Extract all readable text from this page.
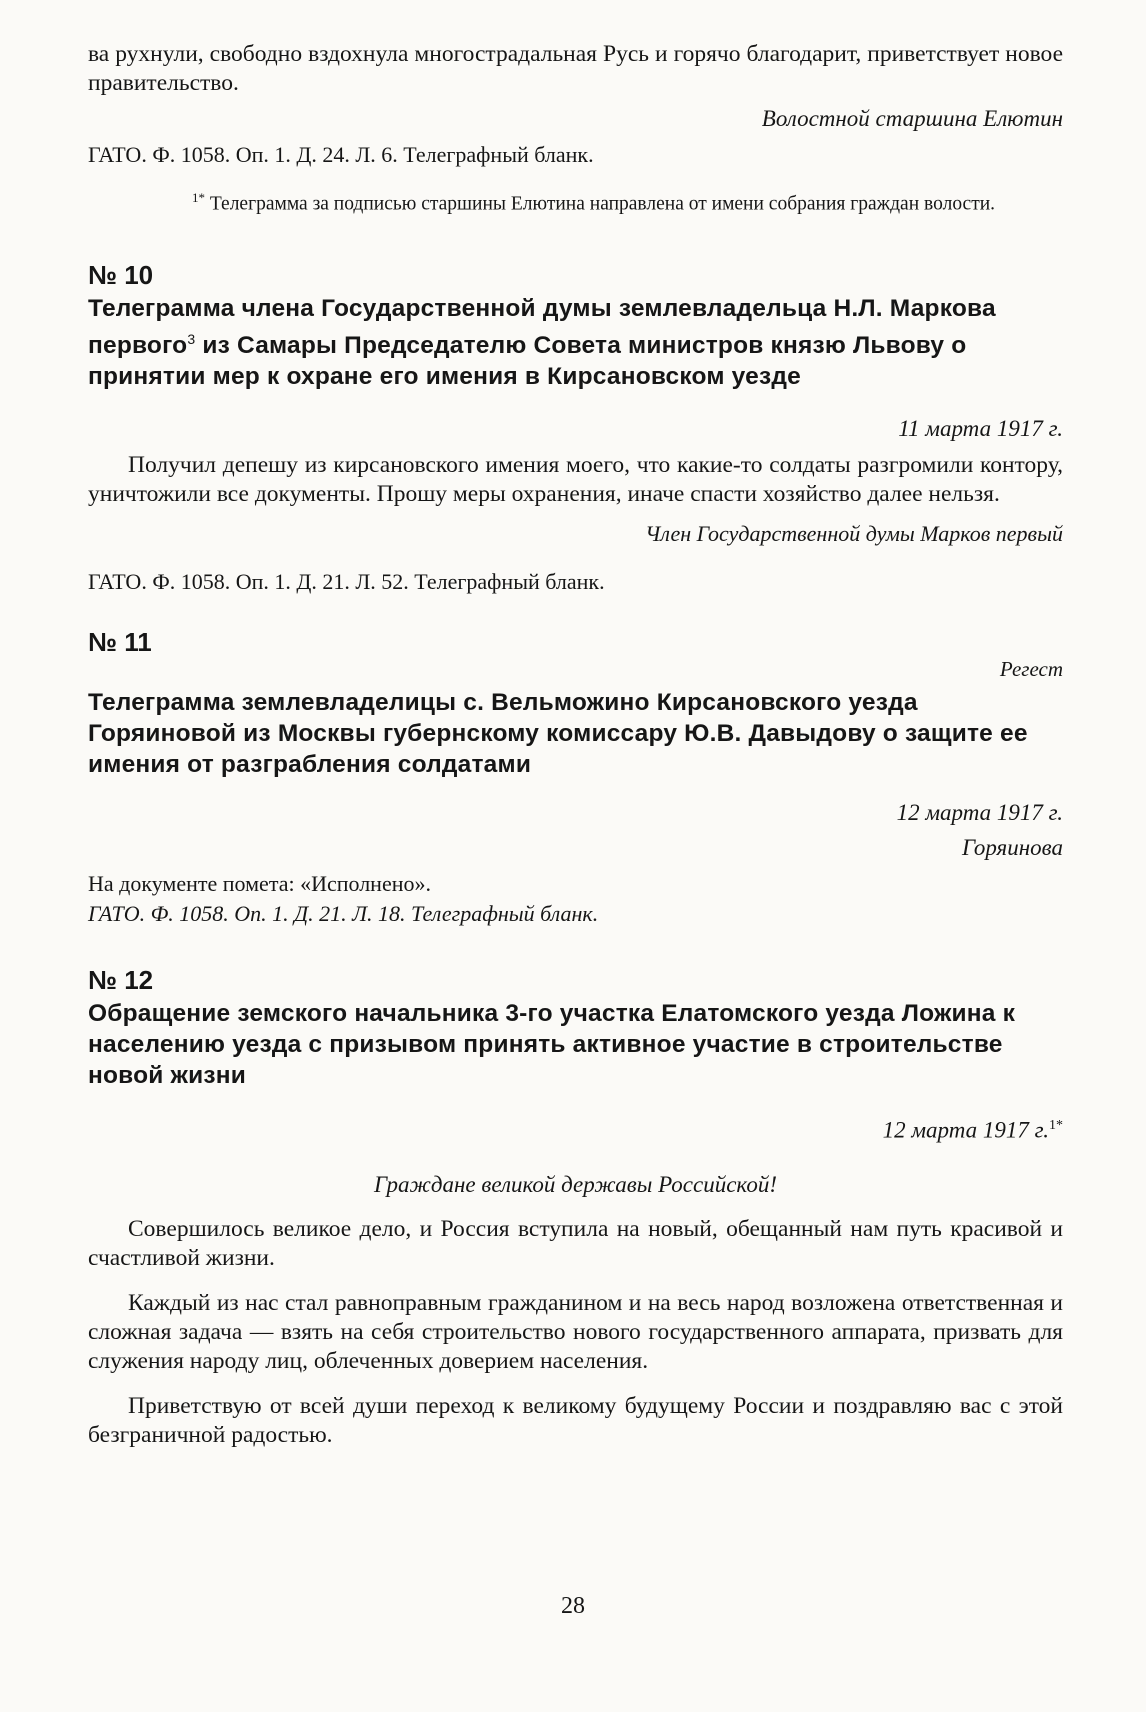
ва рухнули, свободно вздохнула многострадальная Русь и горячо благодарит, приветствует новое правительство.

Волостной старшина Елютин

ГАТО. Ф. 1058. Оп. 1. Д. 24. Л. 6. Телеграфный бланк.

$^{1*}$ Телеграмма за подписью старшины Елютина направлена от имени собрания граждан волости.

№ 10

Телеграмма члена Государственной думы землевладельца Н.Л. Маркова первого$^3$ из Самары Председателю Совета министров князю Львову о принятии мер к охране его имения в Кирсановском уезде

11 марта 1917 г.

Получил депешу из кирсановского имения моего, что какие-то солдаты разгромили контору, уничтожили все документы. Прошу меры охранения, иначе спасти хозяйство далее нельзя.

Член Государственной думы Марков первый

ГАТО. Ф. 1058. Оп. 1. Д. 21. Л. 52. Телеграфный бланк.

№ 11

Регест

Телеграмма землевладелицы с. Вельможино Кирсановского уезда Горяиновой из Москвы губернскому комиссару Ю.В. Давыдову о защите ее имения от разграбления солдатами

12 марта 1917 г.

Горяинова

На документе помета: «Исполнено».

ГАТО. Ф. 1058. Оп. 1. Д. 21. Л. 18. Телеграфный бланк.

№ 12

Обращение земского начальника 3-го участка Елатомского уезда Ложина к населению уезда с призывом принять активное участие в строительстве новой жизни

12 марта 1917 г.$^{1*}$

Граждане великой державы Российской!

Совершилось великое дело, и Россия вступила на новый, обещанный нам путь красивой и счастливой жизни.

Каждый из нас стал равноправным гражданином и на весь народ возложена ответственная и сложная задача — взять на себя строительство нового государственного аппарата, призвать для служения народу лиц, облеченных доверием населения.

Приветствую от всей души переход к великому будущему России и поздравляю вас с этой безграничной радостью.

28
